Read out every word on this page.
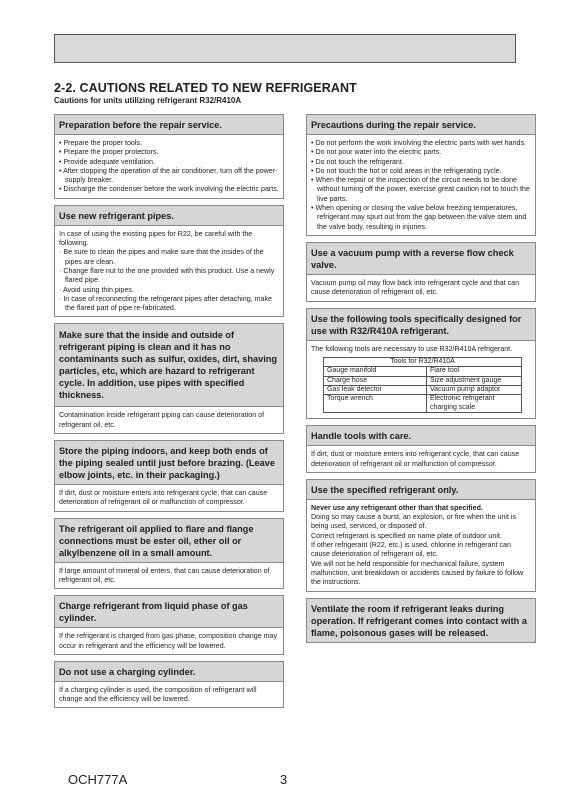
2-2. CAUTIONS RELATED TO NEW REFRIGERANT
Cautions for units utilizing refrigerant R32/R410A
Preparation before the repair service.
• Prepare the proper tools.
• Prepare the proper protectors.
• Provide adequate ventilation.
• After stopping the operation of the air conditioner, turn off the power-supply breaker.
• Discharge the condenser before the work involving the electric parts.
Use new refrigerant pipes.
In case of using the existing pipes for R22, be careful with the following.
· Be sure to clean the pipes and make sure that the insides of the pipes are clean.
· Change flare nut to the one provided with this product. Use a newly flared pipe.
· Avoid using thin pipes.
· In case of reconnecting the refrigerant pipes after detaching, make the flared part of pipe re-fabricated.
Make sure that the inside and outside of refrigerant piping is clean and it has no contaminants such as sulfur, oxides, dirt, shaving particles, etc, which are hazard to refrigerant cycle. In addition, use pipes with specified thickness.

Contamination inside refrigerant piping can cause deterioration of refrigerant oil, etc.

Store the piping indoors, and keep both ends of the piping sealed until just before brazing. (Leave elbow joints, etc. in their packaging.)

If dirt, dust or moisture enters into refrigerant cycle, that can cause deterioration of refrigerant oil or malfunction of compressor.

The refrigerant oil applied to flare and flange connections must be ester oil, ether oil or alkylbenzene oil in a small amount.

If large amount of mineral oil enters, that can cause deterioration of refrigerant oil, etc.

Charge refrigerant from liquid phase of gas cylinder.

If the refrigerant is charged from gas phase, composition change may occur in refrigerant and the efficiency will be lowered.

Do not use a charging cylinder.

If a charging cylinder is used, the composition of refrigerant will change and the efficiency will be lowered.

Precautions during the repair service.
• Do not perform the work involving the electric parts with wet hands.
• Do not pour water into the electric parts.
• Do not touch the refrigerant.
• Do not touch the hot or cold areas in the refrigerating cycle.
• When the repair or the inspection of the circuit needs to be done without turning off the power, exercise great caution not to touch the live parts.
• When opening or closing the valve below freezing temperatures, refrigerant may spurt out from the gap between the valve stem and the valve body, resulting in injuries.
Use a vacuum pump with a reverse flow check valve.

Vacuum pump oil may flow back into refrigerant cycle and that can cause deterioration of refrigerant oil, etc.

Use the following tools specifically designed for use with R32/R410A refrigerant.

The following tools are necessary to use R32/R410A refrigerant.

Tools for R32/R410A	
Gauge manifold	Flare tool
Charge hose	Size adjustment gauge
Gas leak detector	Vacuum pump adaptor
Torque wrench	Electronic refrigerant charging scale
Handle tools with care.

If dirt, dust or moisture enters into refrigerant cycle, that can cause deterioration of refrigerant oil or malfunction of compressor.

Use the specified refrigerant only.

Never use any refrigerant other than that specified.

Doing so may cause a burst, an explosion, or fire when the unit is being used, serviced, or disposed of.

Correct refrigerant is specified on name plate of outdoor unit.

If other refrigerant (R22, etc.) is used, chlorine in refrigerant can cause deterioration of refrigerant oil, etc.

We will not be held responsible for mechanical failure, system malfunction, unit breakdown or accidents caused by failure to follow the instructions.

Ventilate the room if refrigerant leaks during operation. If refrigerant comes into contact with a flame, poisonous gases will be released.
OCH777A	3
